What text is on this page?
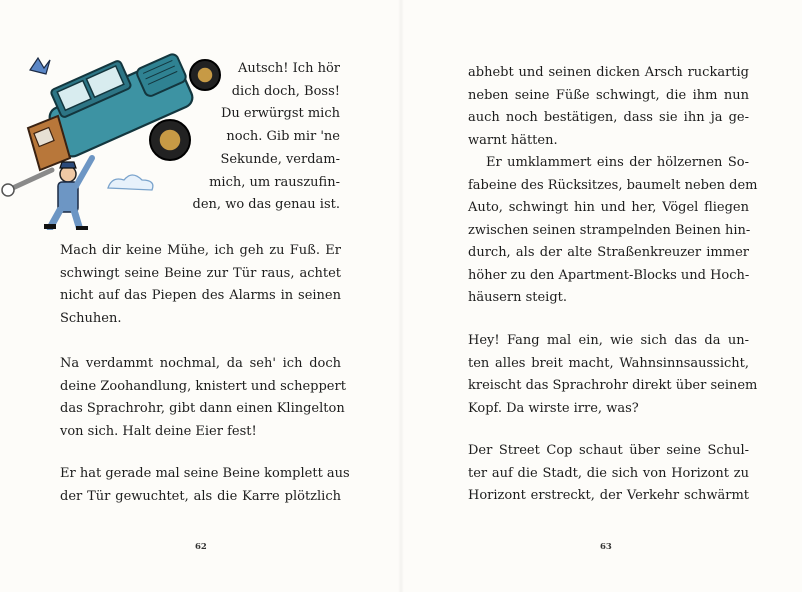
Autsch! Ich hör
dich doch, Boss!
Du erwürgst mich
noch. Gib mir 'ne
Sekunde, verdam-
mich, um rauszufin-
den, wo das genau ist.

Mach dir keine Mühe, ich geh zu Fuß. Er
schwingt seine Beine zur Tür raus, achtet
nicht auf das Piepen des Alarms in seinen
Schuhen.

Na verdammt nochmal, da seh' ich doch
deine Zoohandlung, knistert und scheppert
das Sprachrohr, gibt dann einen Klingelton
von sich. Halt deine Eier fest!

Er hat gerade mal seine Beine komplett aus
der Tür gewuchtet, als die Karre plötzlich

62

abhebt und seinen dicken Arsch ruckartig
neben seine Füße schwingt, die ihm nun
auch noch bestätigen, dass sie ihn ja ge-
warnt hätten.

Er umklammert eins der hölzernen So-
fabeine des Rücksitzes, baumelt neben dem
Auto, schwingt hin und her, Vögel fliegen
zwischen seinen strampelnden Beinen hin-
durch, als der alte Straßenkreuzer immer
höher zu den Apartment-Blocks und Hoch-
häusern steigt.

Hey! Fang mal ein, wie sich das da un-
ten alles breit macht, Wahnsinnsaussicht,
kreischt das Sprachrohr direkt über seinem
Kopf. Da wirste irre, was?

Der Street Cop schaut über seine Schul-
ter auf die Stadt, die sich von Horizont zu
Horizont erstreckt, der Verkehr schwärmt

63
